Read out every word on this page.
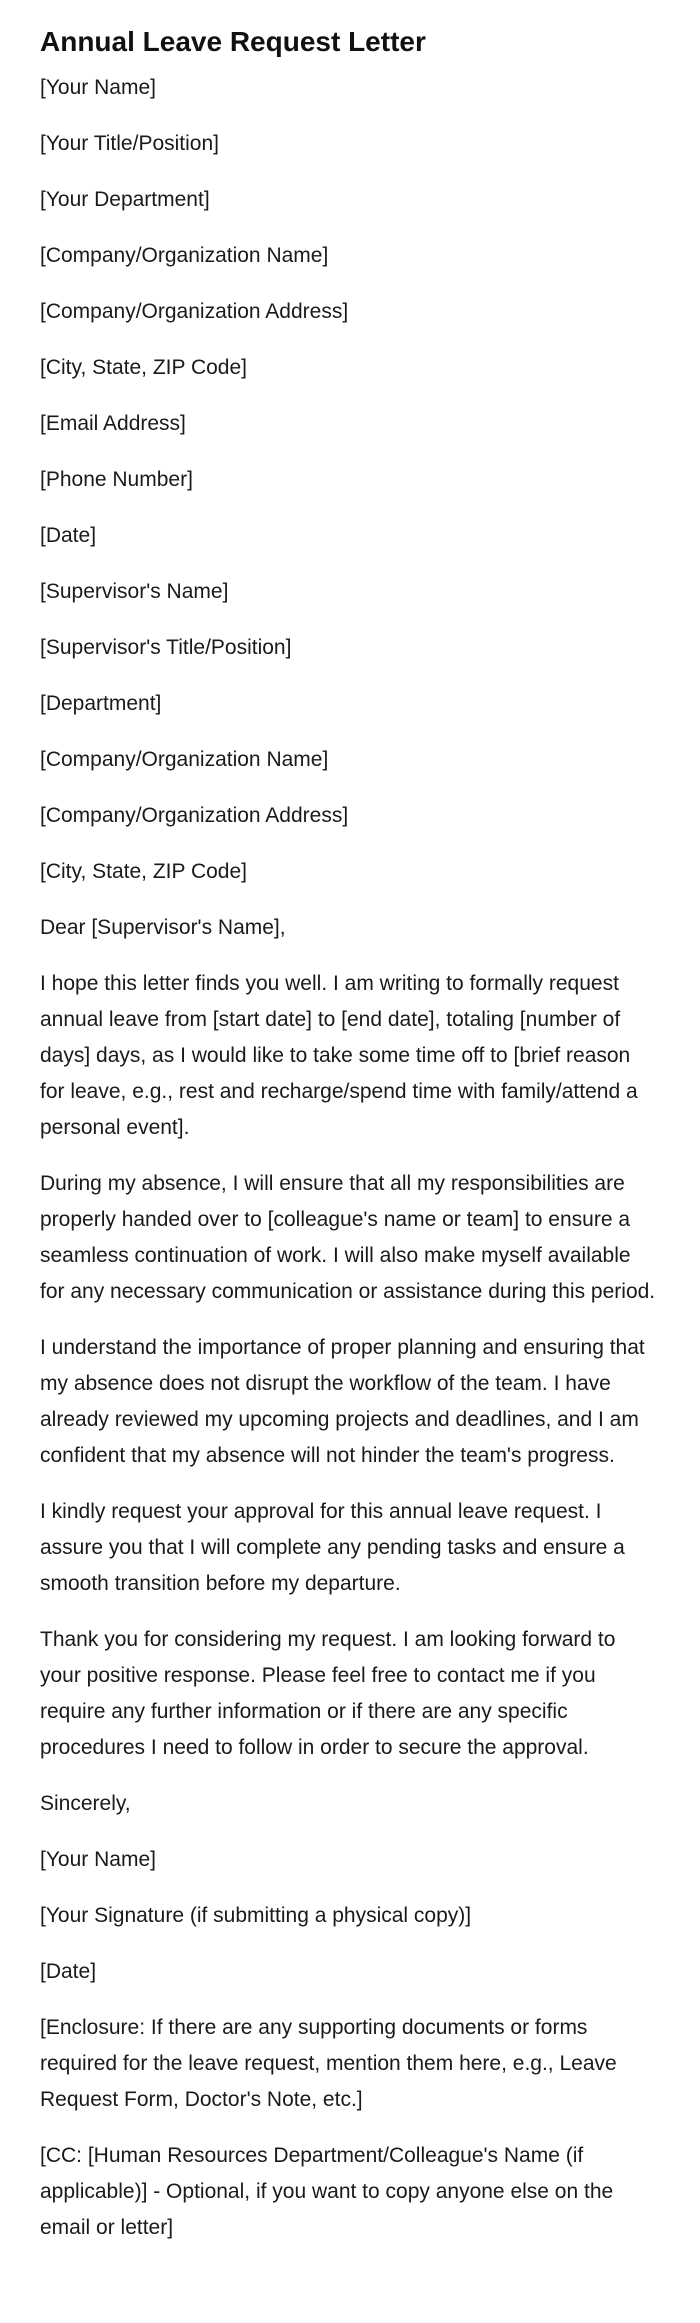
Annual Leave Request Letter

[Your Name]

[Your Title/Position]

[Your Department]

[Company/Organization Name]

[Company/Organization Address]

[City, State, ZIP Code]

[Email Address]

[Phone Number]

[Date]

[Supervisor's Name]

[Supervisor's Title/Position]

[Department]

[Company/Organization Name]

[Company/Organization Address]

[City, State, ZIP Code]

Dear [Supervisor's Name],

I hope this letter finds you well. I am writing to formally request annual leave from [start date] to [end date], totaling [number of days] days, as I would like to take some time off to [brief reason for leave, e.g., rest and recharge/spend time with family/attend a personal event].

During my absence, I will ensure that all my responsibilities are properly handed over to [colleague's name or team] to ensure a seamless continuation of work. I will also make myself available for any necessary communication or assistance during this period.

I understand the importance of proper planning and ensuring that my absence does not disrupt the workflow of the team. I have already reviewed my upcoming projects and deadlines, and I am confident that my absence will not hinder the team's progress.

I kindly request your approval for this annual leave request. I assure you that I will complete any pending tasks and ensure a smooth transition before my departure.

Thank you for considering my request. I am looking forward to your positive response. Please feel free to contact me if you require any further information or if there are any specific procedures I need to follow in order to secure the approval.

Sincerely,

[Your Name]

[Your Signature (if submitting a physical copy)]

[Date]

[Enclosure: If there are any supporting documents or forms required for the leave request, mention them here, e.g., Leave Request Form, Doctor's Note, etc.]

[CC: [Human Resources Department/Colleague's Name (if applicable)] - Optional, if you want to copy anyone else on the email or letter]
